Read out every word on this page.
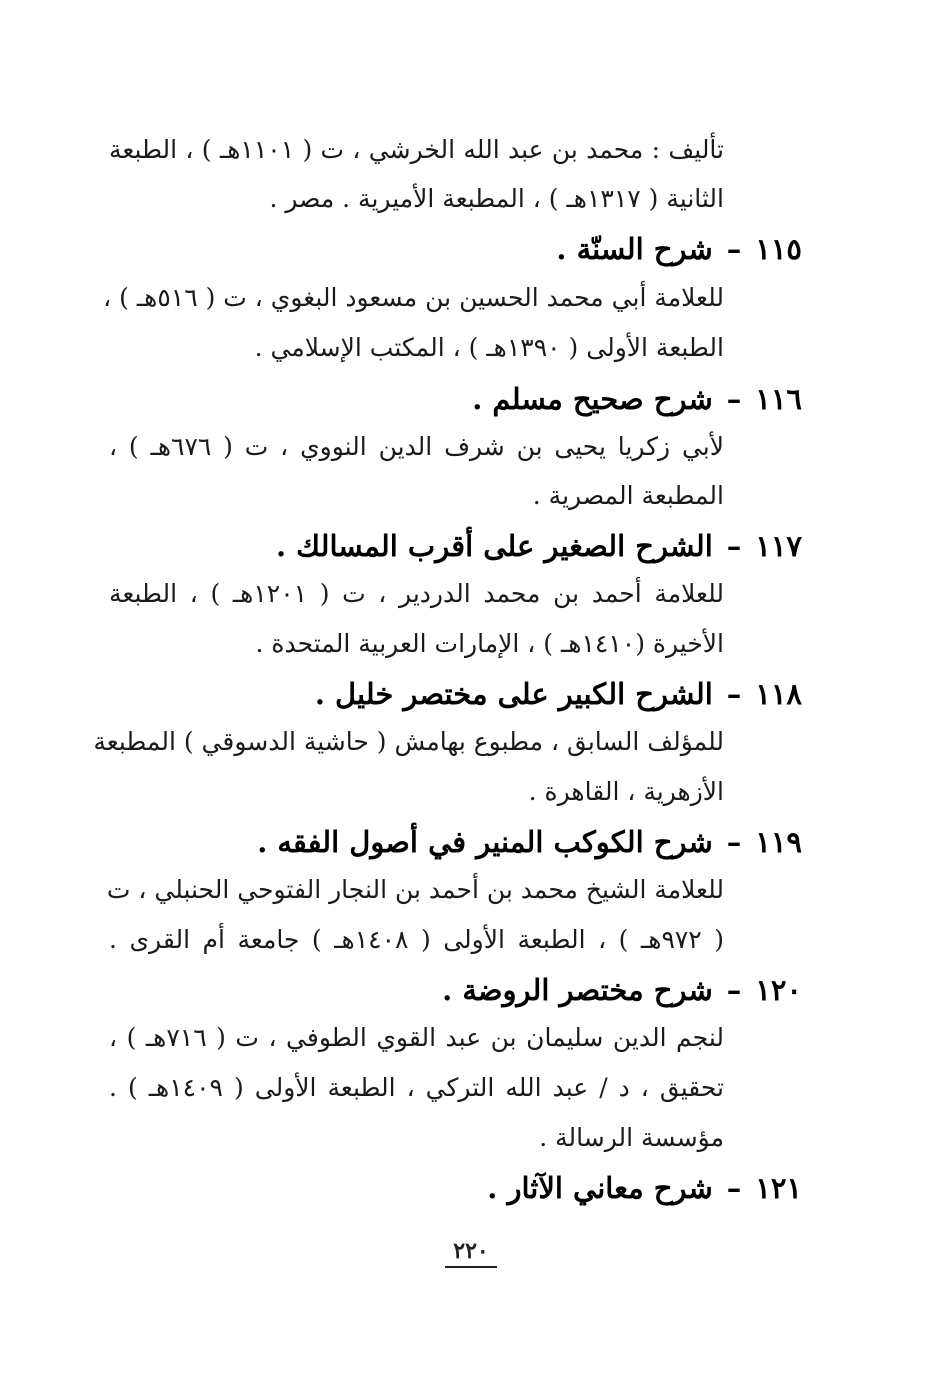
تأليف : محمد بن عبد الله الخرشي ، ت ( ١١٠١هـ ) ، الطبعة
الثانية ( ١٣١٧هـ ) ، المطبعة الأميرية . مصر .
١١٥–شرح السنّة .
للعلامة أبي محمد الحسين بن مسعود البغوي ، ت ( ٥١٦هـ ) ،
الطبعة الأولى ( ١٣٩٠هـ ) ، المكتب الإسلامي .
١١٦–شرح صحيح مسلم .
لأبي زكريا يحيى بن شرف الدين النووي ، ت ( ٦٧٦هـ ) ،
المطبعة المصرية .
١١٧–الشرح الصغير على أقرب المسالك .
للعلامة أحمد بن محمد الدردير ، ت ( ١٢٠١هـ ) ، الطبعة
الأخيرة (١٤١٠هـ ) ، الإمارات العربية المتحدة .
١١٨–الشرح الكبير على مختصر خليل .
للمؤلف السابق ، مطبوع بهامش ( حاشية الدسوقي ) المطبعة
الأزهرية ، القاهرة .
١١٩–شرح الكوكب المنير في أصول الفقه .
للعلامة الشيخ محمد بن أحمد بن النجار الفتوحي الحنبلي ، ت
( ٩٧٢هـ ) ، الطبعة الأولى ( ١٤٠٨هـ ) جامعة أم القرى .
١٢٠–شرح مختصر الروضة .
لنجم الدين سليمان بن عبد القوي الطوفي ، ت ( ٧١٦هـ ) ،
تحقيق ، د / عبد الله التركي ، الطبعة الأولى ( ١٤٠٩هـ ) .
مؤسسة الرسالة .
١٢١–شرح معاني الآثار .
٢٢٠
